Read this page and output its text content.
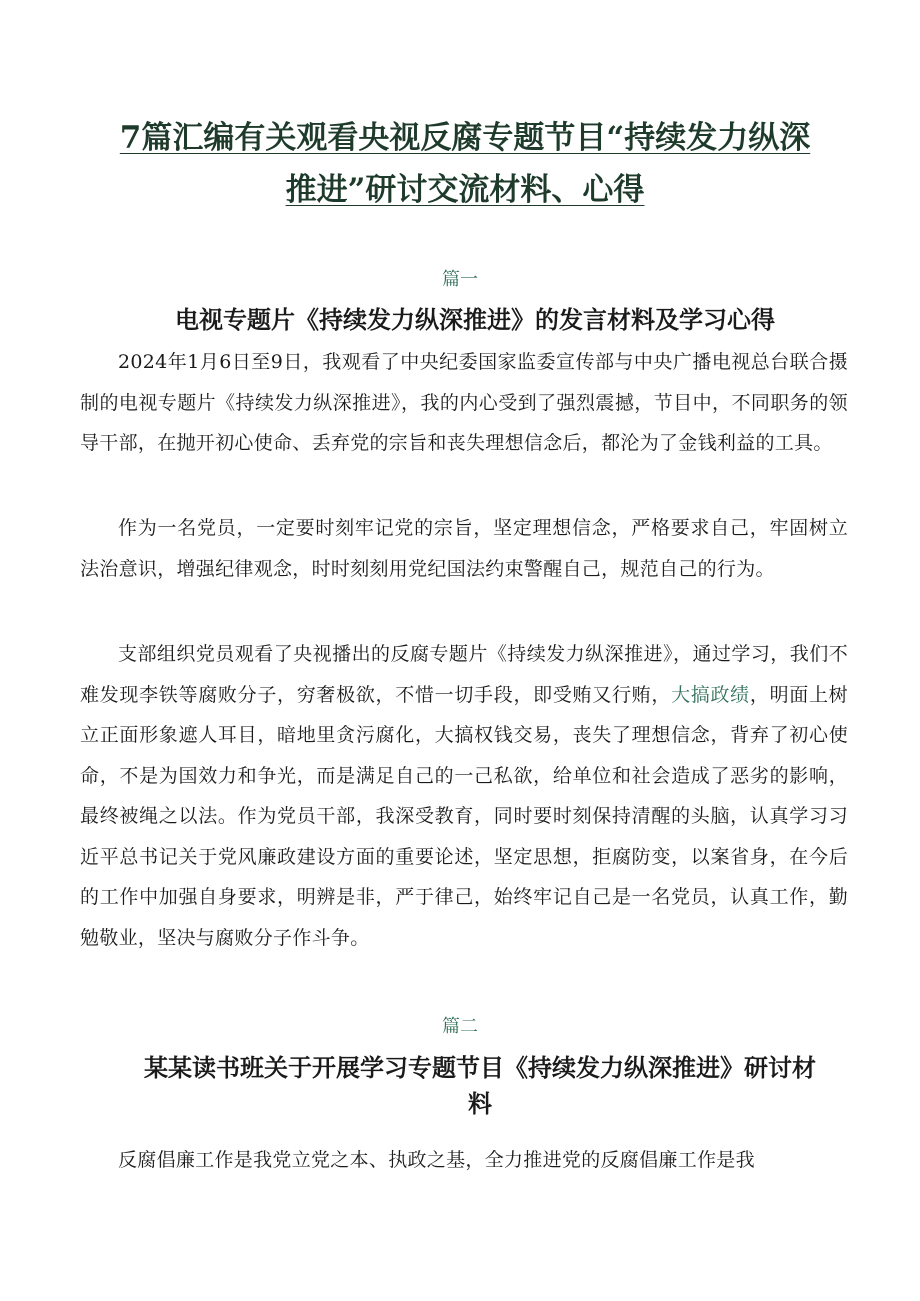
7篇汇编有关观看央视反腐专题节目“持续发力纵深
推进”研讨交流材料、心得

篇一

电视专题片《持续发力纵深推进》的发言材料及学习心得

2024年1月6日至9日，我观看了中央纪委国家监委宣传部与中央广播电视总台联合摄制的电视专题片《持续发力纵深推进》，我的内心受到了强烈震撼，节目中，不同职务的领导干部，在抛开初心使命、丢弃党的宗旨和丧失理想信念后，都沦为了金钱利益的工具。

作为一名党员，一定要时刻牢记党的宗旨，坚定理想信念，严格要求自己，牢固树立法治意识，增强纪律观念，时时刻刻用党纪国法约束警醒自己，规范自己的行为。

支部组织党员观看了央视播出的反腐专题片《持续发力纵深推进》，通过学习，我们不难发现李铁等腐败分子，穷奢极欲，不惜一切手段，即受贿又行贿，大搞政绩，明面上树立正面形象遮人耳目，暗地里贪污腐化，大搞权钱交易，丧失了理想信念，背弃了初心使命，不是为国效力和争光，而是满足自己的一己私欲，给单位和社会造成了恶劣的影响，最终被绳之以法。作为党员干部，我深受教育，同时要时刻保持清醒的头脑，认真学习习近平总书记关于党风廉政建设方面的重要论述，坚定思想，拒腐防变，以案省身，在今后的工作中加强自身要求，明辨是非，严于律己，始终牢记自己是一名党员，认真工作，勤勉敬业，坚决与腐败分子作斗争。

篇二

某某读书班关于开展学习专题节目《持续发力纵深推进》研讨材
料

反腐倡廉工作是我党立党之本、执政之基，全力推进党的反腐倡廉工作是我
